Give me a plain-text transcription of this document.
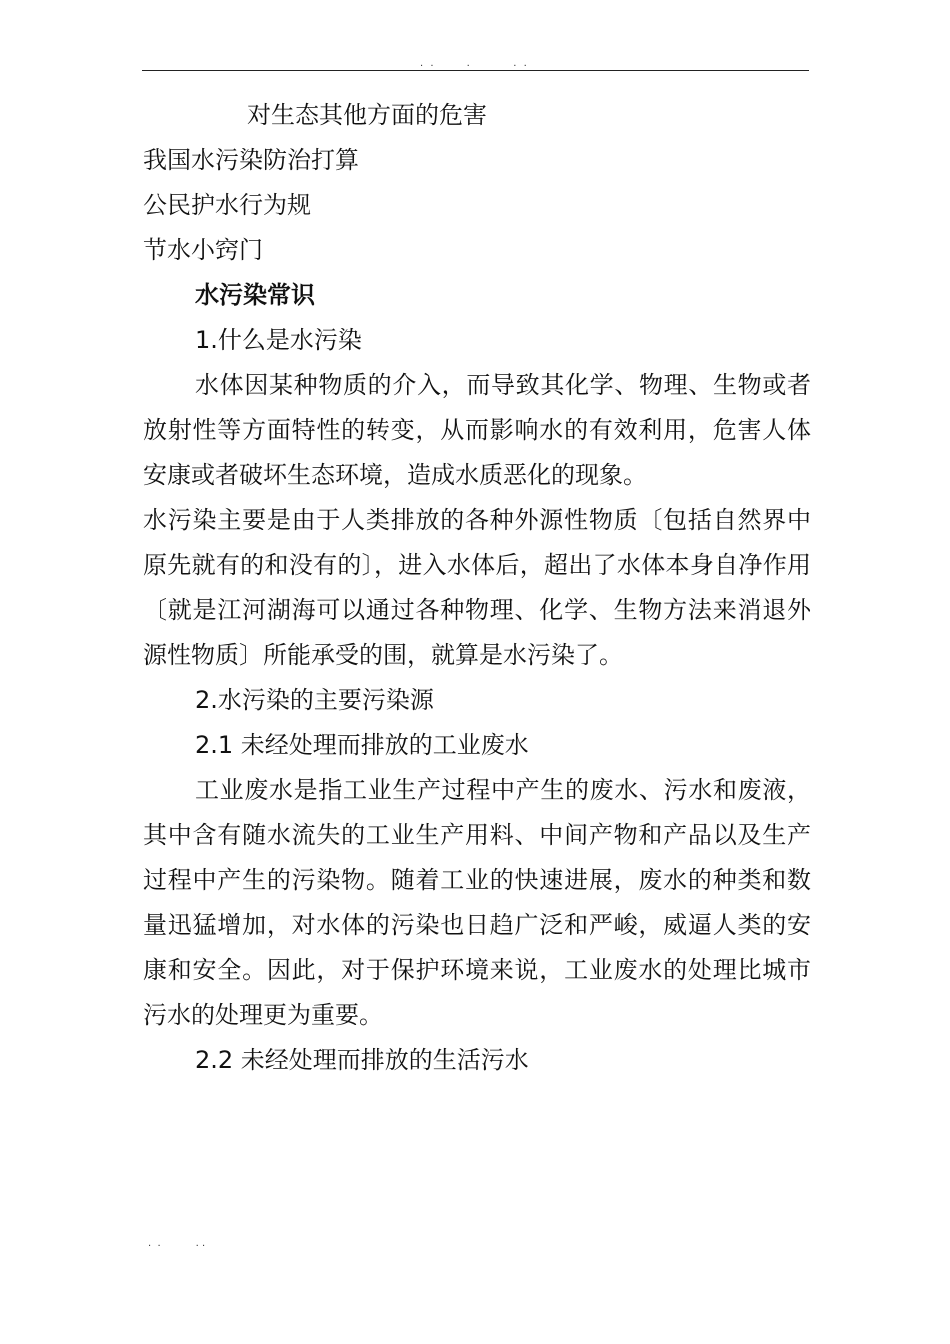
. .      .        . .

对生态其他方面的危害

我国水污染防治打算

公民护水行为规

节水小窍门

水污染常识

1.什么是水污染

水体因某种物质的介入，而导致其化学、物理、生物或者放射性等方面特性的转变，从而影响水的有效利用，危害人体安康或者破坏生态环境，造成水质恶化的现象。

水污染主要是由于人类排放的各种外源性物质〔包括自然界中原先就有的和没有的〕，进入水体后，超出了水体本身自净作用〔就是江河湖海可以通过各种物理、化学、生物方法来消退外源性物质〕所能承受的围，就算是水污染了。

2.水污染的主要污染源

2.1 未经处理而排放的工业废水

工业废水是指工业生产过程中产生的废水、污水和废液，其中含有随水流失的工业生产用料、中间产物和产品以及生产过程中产生的污染物。随着工业的快速进展，废水的种类和数量迅猛增加，对水体的污染也日趋广泛和严峻，威逼人类的安康和安全。因此，对于保护环境来说，工业废水的处理比城市污水的处理更为重要。

2.2 未经处理而排放的生活污水

.  .           . .
